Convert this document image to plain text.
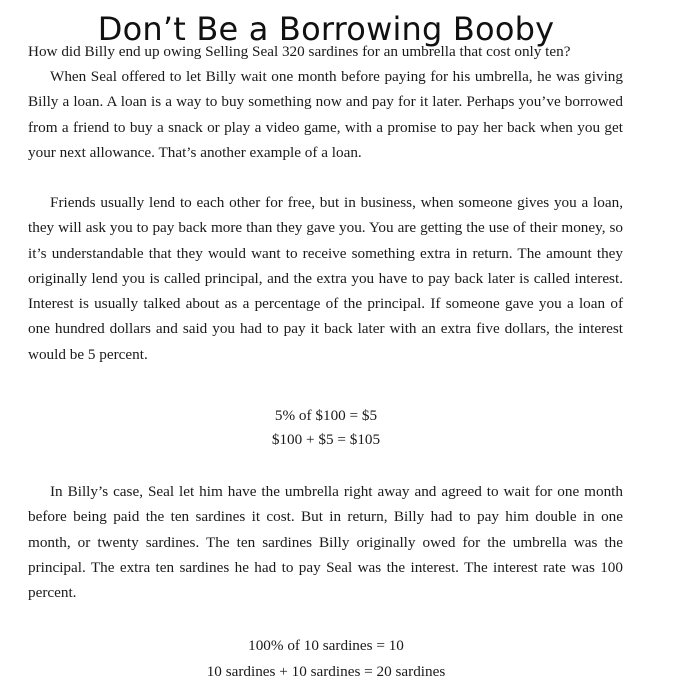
Don’t Be a Borrowing Booby

How did Billy end up owing Selling Seal 320 sardines for an umbrella that cost only ten?

When Seal offered to let Billy wait one month before paying for his umbrella, he was giving Billy a loan. A loan is a way to buy something now and pay for it later. Perhaps you’ve borrowed from a friend to buy a snack or play a video game, with a promise to pay her back when you get your next allowance. That’s another example of a loan.

Friends usually lend to each other for free, but in business, when someone gives you a loan, they will ask you to pay back more than they gave you. You are getting the use of their money, so it’s understandable that they would want to receive something extra in return. The amount they originally lend you is called principal, and the extra you have to pay back later is called interest. Interest is usually talked about as a percentage of the principal. If someone gave you a loan of one hundred dollars and said you had to pay it back later with an extra five dollars, the interest would be 5 percent.

5% of $100 = $5

$100 + $5 = $105

In Billy’s case, Seal let him have the umbrella right away and agreed to wait for one month before being paid the ten sardines it cost. But in return, Billy had to pay him double in one month, or twenty sardines. The ten sardines Billy originally owed for the umbrella was the principal. The extra ten sardines he had to pay Seal was the interest. The interest rate was 100 percent.

100% of 10 sardines = 10

10 sardines + 10 sardines = 20 sardines
